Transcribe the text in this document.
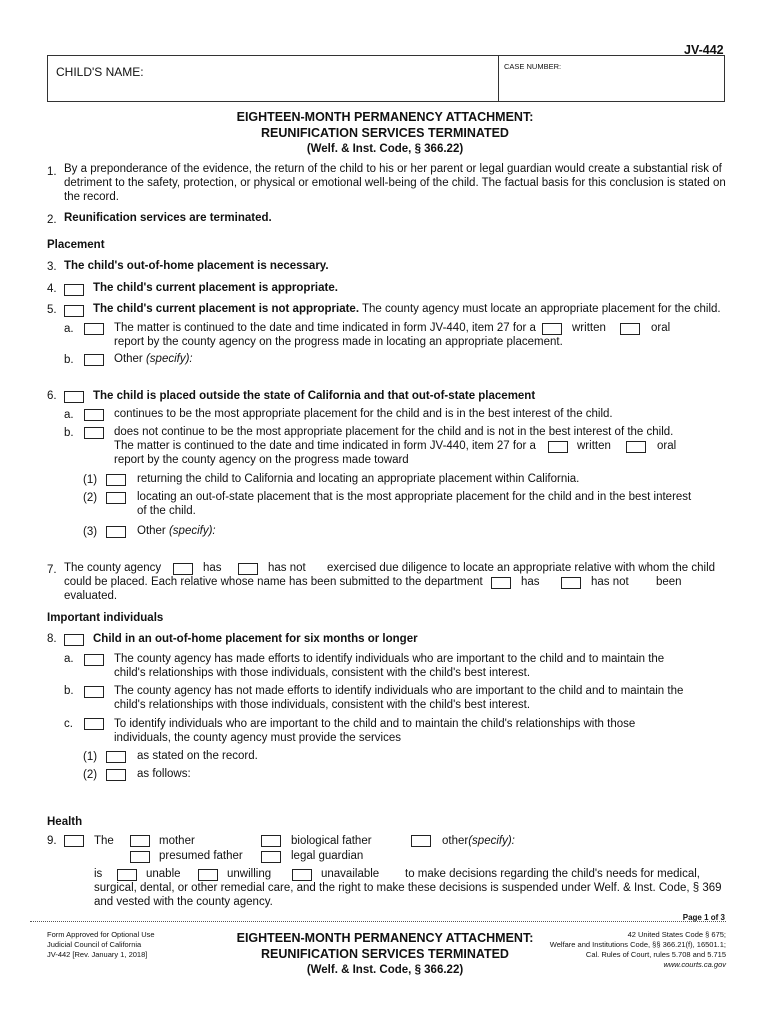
JV-442
CHILD'S NAME:	CASE NUMBER:
EIGHTEEN-MONTH PERMANENCY ATTACHMENT:
REUNIFICATION SERVICES TERMINATED
(Welf. & Inst. Code, § 366.22)
1. By a preponderance of the evidence, the return of the child to his or her parent or legal guardian would create a substantial risk of
detriment to the safety, protection, or physical or emotional well-being of the child. The factual basis for this conclusion is stated on
the record.
2. Reunification services are terminated.
Placement
3. The child's out-of-home placement is necessary.
4.	The child's current placement is appropriate.
5.	The child's current placement is not appropriate. The county agency must locate an appropriate placement for the child.
a.	The matter is continued to the date and time indicated in form JV-440, item 27 for a	written	oral
report by the county agency on the progress made in locating an appropriate placement.
b.	Other (specify):
6.	The child is placed outside the state of California and that out-of-state placement
a.	continues to be the most appropriate placement for the child and is in the best interest of the child.
b.	does not continue to be the most appropriate placement for the child and is not in the best interest of the child.
The matter is continued to the date and time indicated in form JV-440, item 27 for a	written	oral
report by the county agency on the progress made toward
(1)	returning the child to California and locating an appropriate placement within California.
(2)	locating an out-of-state placement that is the most appropriate placement for the child and in the best interest
of the child.
(3)	Other (specify):
7. The county agency	has	has not exercised due diligence to locate an appropriate relative with whom the child
could be placed. Each relative whose name has been submitted to the department	has	has not been
evaluated.
Important individuals
8.	Child in an out-of-home placement for six months or longer
a.	The county agency has made efforts to identify individuals who are important to the child and to maintain the
child's relationships with those individuals, consistent with the child's best interest.
b.	The county agency has not made efforts to identify individuals who are important to the child and to maintain the
child's relationships with those individuals, consistent with the child's best interest.
c.	To identify individuals who are important to the child and to maintain the child's relationships with those
individuals, the county agency must provide the services
(1)	as stated on the record.
(2)	as follows:
Health
9.	The	mother	biological father	other(specify):
presumed father	legal guardian
is	unable	unwilling	unavailable to make decisions regarding the child's needs for medical,
surgical, dental, or other remedial care, and the right to make these decisions is suspended under Welf. & Inst. Code, § 369
and vested with the county agency.
Page 1 of 3
Form Approved for Optional Use
Judicial Council of California
JV-442 [Rev. January 1, 2018]
EIGHTEEN-MONTH PERMANENCY ATTACHMENT:
REUNIFICATION SERVICES TERMINATED
(Welf. & Inst. Code, § 366.22)
42 United States Code § 675;
Welfare and Institutions Code, §§ 366.21(f), 16501.1;
Cal. Rules of Court, rules 5.708 and 5.715
www.courts.ca.gov
